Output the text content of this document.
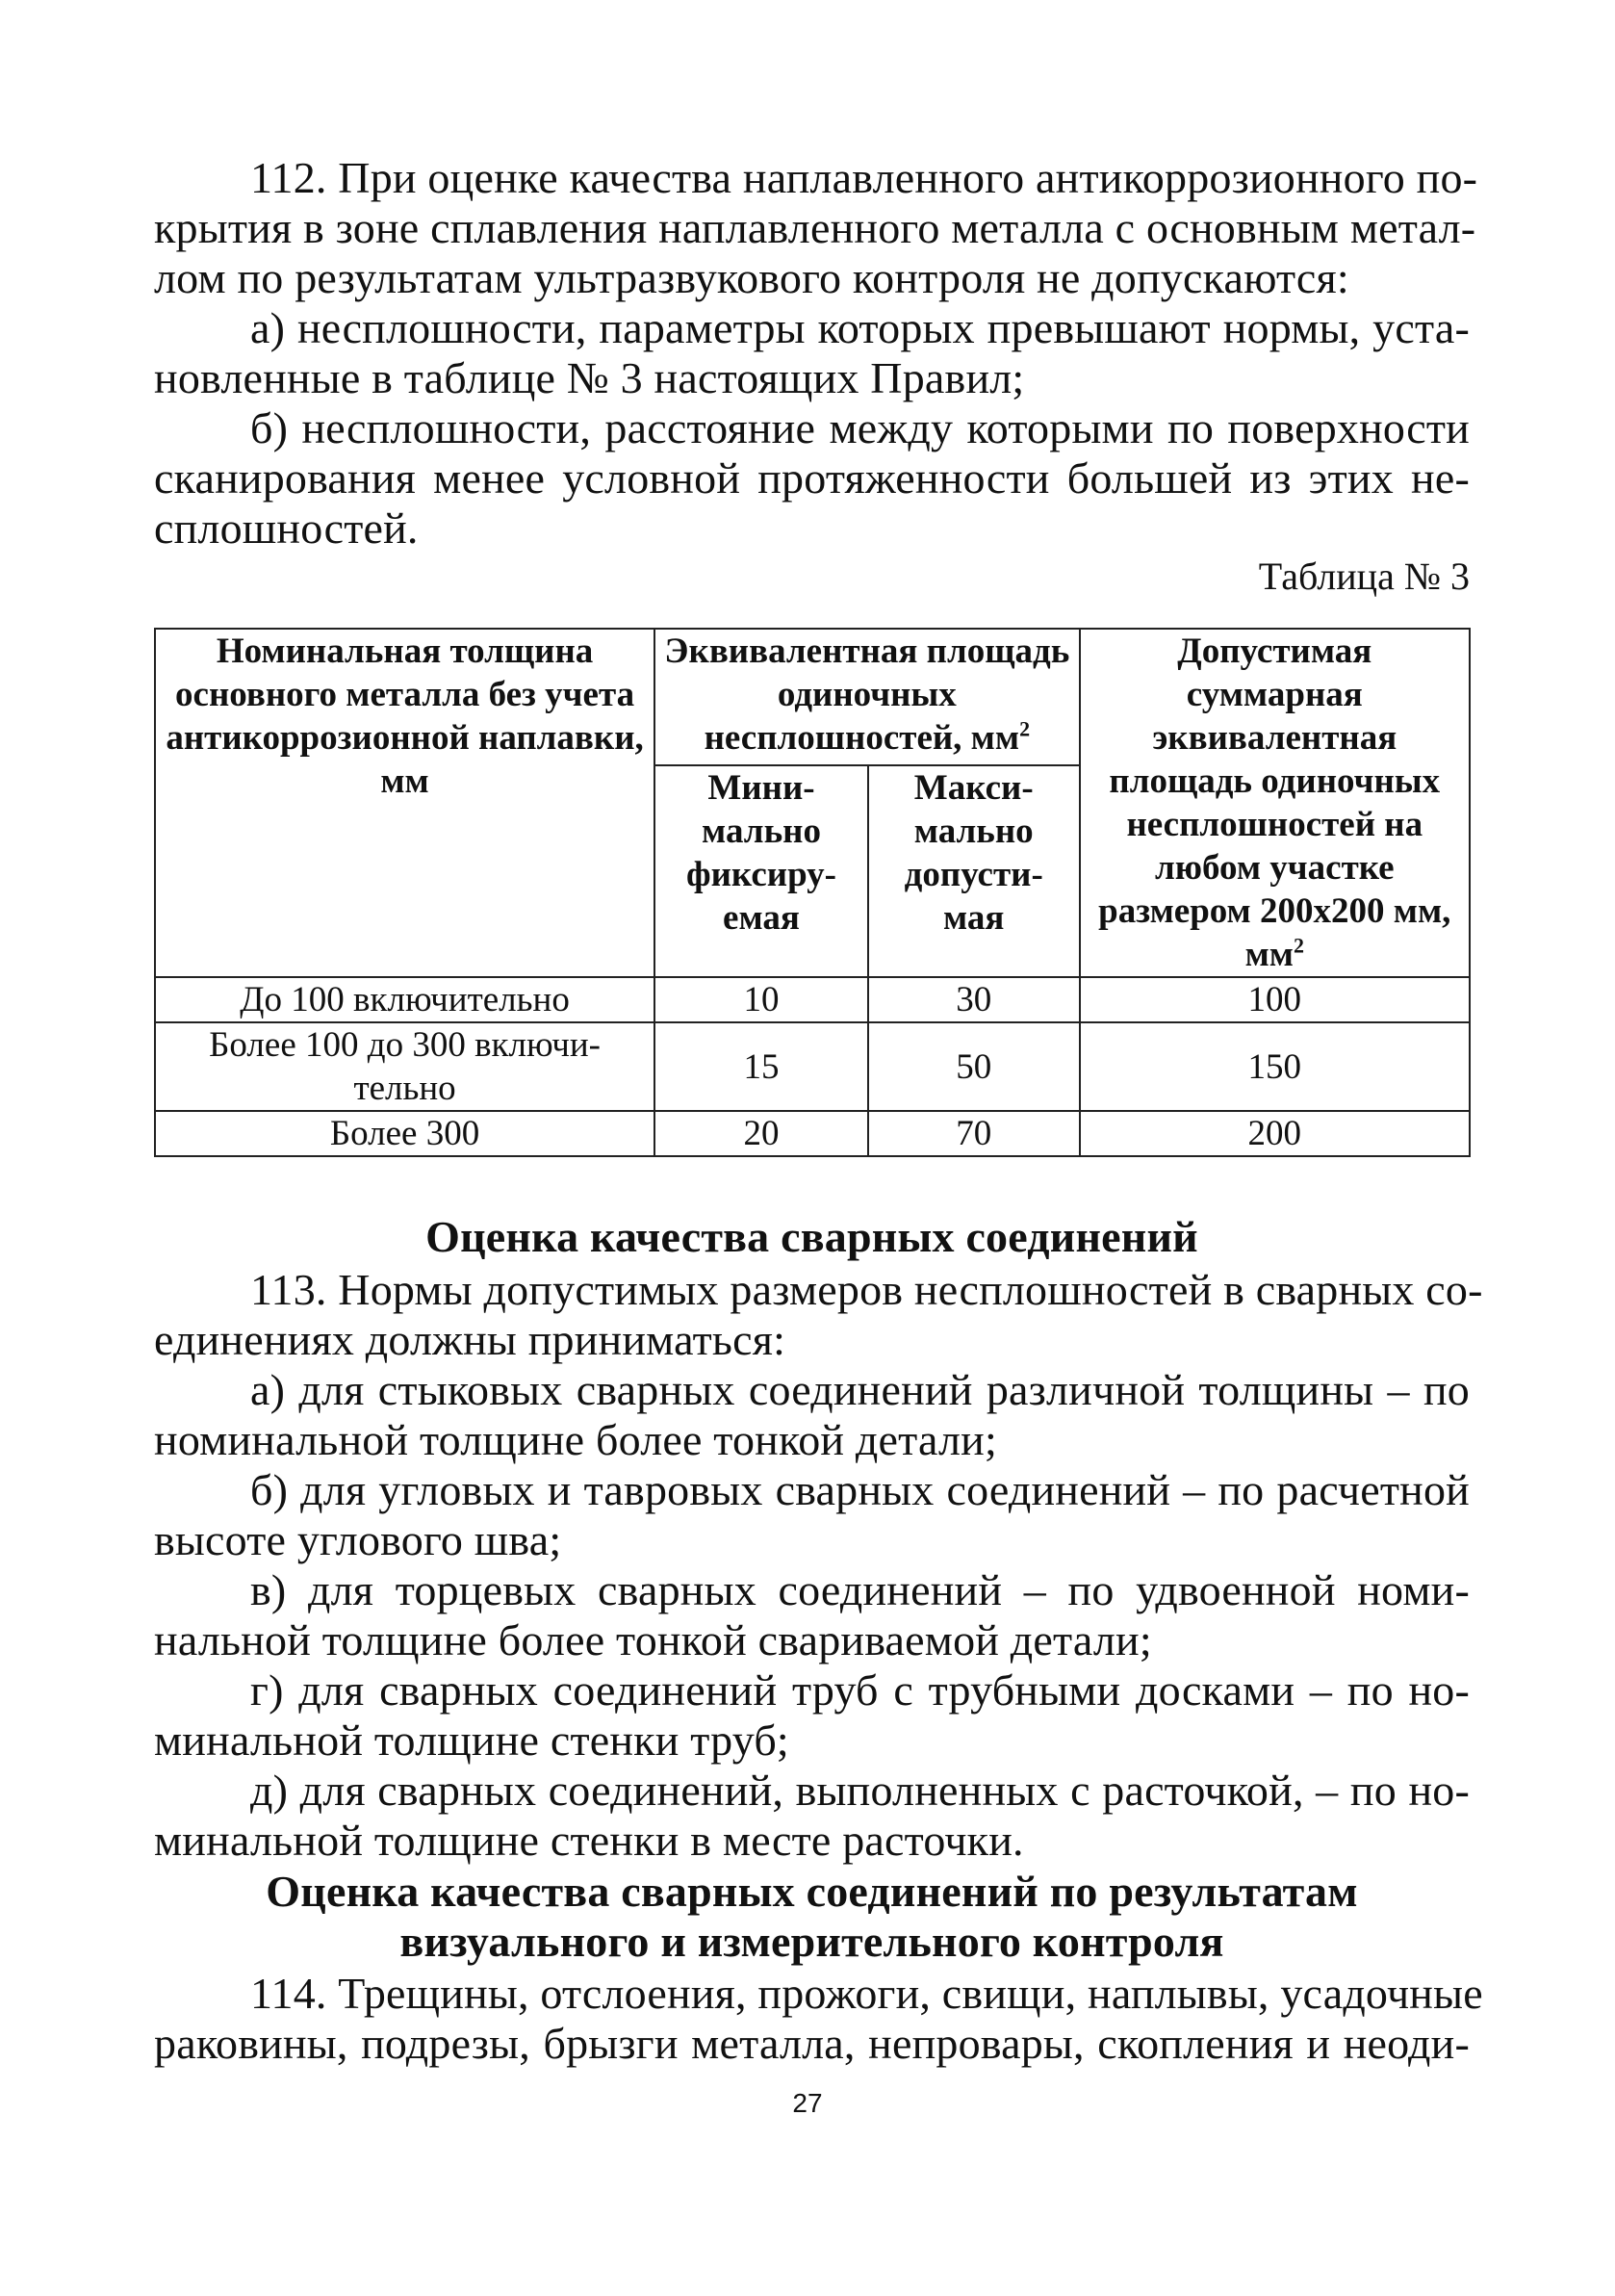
112. При оценке качества наплавленного антикоррозионного по-
крытия в зоне сплавления наплавленного металла с основным метал-
лом по результатам ультразвукового контроля не допускаются:
а) несплошности, параметры которых превышают нормы, уста-
новленные в таблице № 3 настоящих Правил;
б) несплошности, расстояние между которыми по поверхности
сканирования менее условной протяженности большей из этих не-
сплошностей.
Таблица № 3
Номинальная толщина основного металла без учета антикоррозионной наплавки, мм	Эквивалентная площадь одиночных несплошностей, $мм^2$		Допустимая суммарная эквивалентная площадь одиночных несплошностей на любом участке размером 200х200 мм, $мм^2$
	Мини- мально фиксиру- емая	Макси- мально допусти- мая	
До 100 включительно	10	30	100
Более 100 до 300 включи- тельно	15	50	150
Более 300	20	70	200
Оценка качества сварных соединений
113. Нормы допустимых размеров несплошностей в сварных со-
единениях должны приниматься:
а) для стыковых сварных соединений различной толщины – по
номинальной толщине более тонкой детали;
б) для угловых и тавровых сварных соединений – по расчетной
высоте углового шва;
в) для торцевых сварных соединений – по удвоенной номи-
нальной толщине более тонкой свариваемой детали;
г) для сварных соединений труб с трубными досками – по но-
минальной толщине стенки труб;
д) для сварных соединений, выполненных с расточкой, – по но-
минальной толщине стенки в месте расточки.
Оценка качества сварных соединений по результатам
визуального и измерительного контроля
114. Трещины, отслоения, прожоги, свищи, наплывы, усадочные
раковины, подрезы, брызги металла, непровары, скопления и неоди-
27
